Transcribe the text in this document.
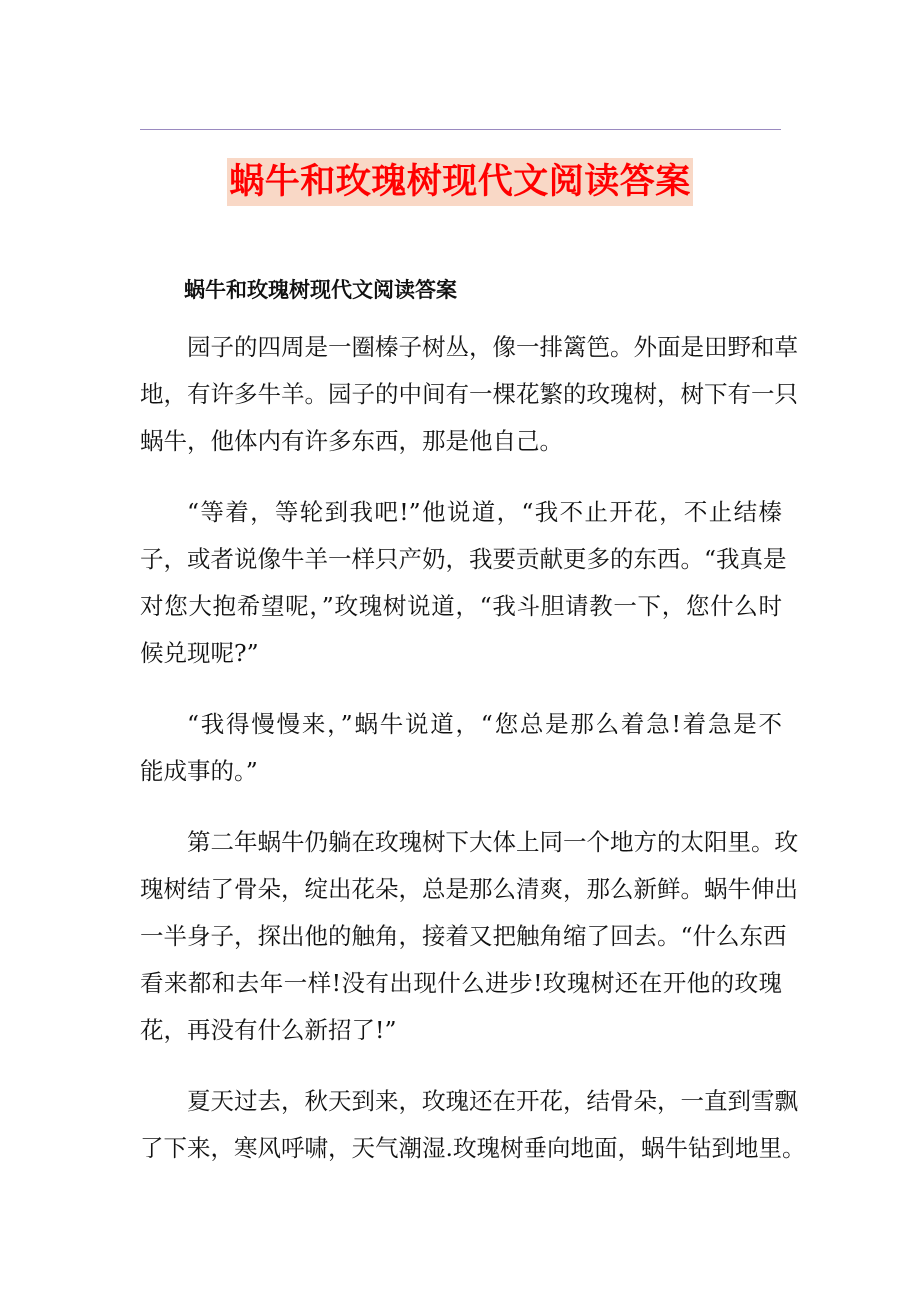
蜗牛和玫瑰树现代文阅读答案
蜗牛和玫瑰树现代文阅读答案
园子的四周是一圈榛子树丛，像一排篱笆。外面是田野和草
地，有许多牛羊。园子的中间有一棵花繁的玫瑰树，树下有一只
蜗牛，他体内有许多东西，那是他自己。
“等着，等轮到我吧!”他说道，“我不止开花，不止结榛
子，或者说像牛羊一样只产奶，我要贡献更多的东西。“我真是
对您大抱希望呢，”玫瑰树说道，“我斗胆请教一下，您什么时
候兑现呢?”
“我得慢慢来，”蜗牛说道，“您总是那么着急!着急是不
能成事的。”
第二年蜗牛仍躺在玫瑰树下大体上同一个地方的太阳里。玫
瑰树结了骨朵，绽出花朵，总是那么清爽，那么新鲜。蜗牛伸出
一半身子，探出他的触角，接着又把触角缩了回去。“什么东西
看来都和去年一样!没有出现什么进步!玫瑰树还在开他的玫瑰
花，再没有什么新招了!”
夏天过去，秋天到来，玫瑰还在开花，结骨朵，一直到雪飘
了下来，寒风呼啸，天气潮湿.玫瑰树垂向地面，蜗牛钻到地里。
